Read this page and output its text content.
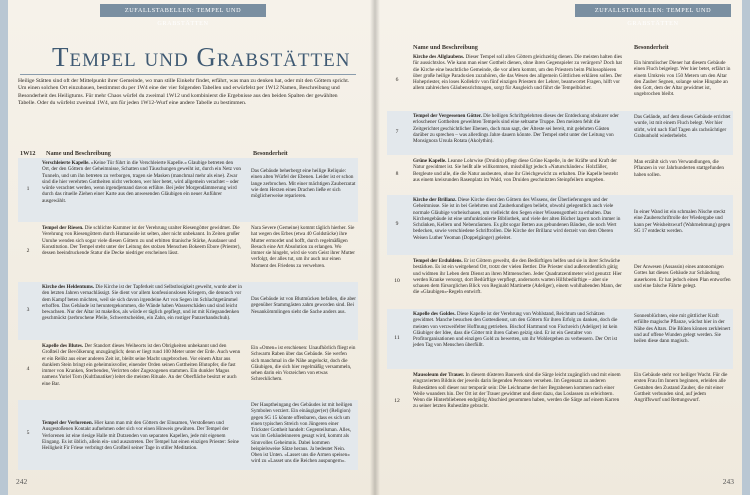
ZUFALLSTABELLEN: TEMPEL UND GRABSTÄTTEN
Tempel und Grabstätten
Heilige Stätten sind oft der Mittelpunkt ihrer Gemeinde, wo man stille Einkehr findet, erfährt, was man zu denken hat, oder mit den Göttern spricht. Um einen solchen Ort einzubauen, bestimmst du per 1W4 eine der vier folgenden Tabellen und erwürfelst per 1W12 Namen, Beschreibung und Besonderheit des Heiligtums. Für mehr Chaos würfel du zweimal 1W12 und kombinierst die Ergebnisse aus den beiden Spalten der gewählten Tabelle. Oder du würfelst zweimal 1W4, um für jeden 1W12-Wurf eine andere Tabelle zu bestimmen.
1W12 Name und Beschreibung	Besonderheit
1
Verschleierte Kapelle. »Keine Tür führt in die Verschleierte Kapelle.« Glaubige betreten den Ort, der den Göttern der Geheimnisse, Schatten und Täuschungen geweiht ist, durch ein Netz von Tunneln, und um ihn betreten zu verborgen, tragen sie Masken (manchmal mehr als eine). Zwar sind die hier verehrten Gottheiten nicht verboten, wer hier betet, wird allgemein verachtet – oder würde verachtet werden, wenn irgendjemand davon erführe. Bei jeder Morgendämmerung wird durch das rituelle Ziehen einer Karte aus den anwesenden Gläubigen ein neuer Anführer ausgewählt.
Das Gebäude beherbergt eine heilige Reliquie: einen alten Würfel der Ebenen. Leider ist er schon lange zerbrochen. Mit einer mächtigen Zauberzutat wie dem Herzen eines Drachen ließe er sich möglicherweise reparieren.
2
Tempel der Riesen. Die schlichte Kammer ist der Verehrung uralter Riesengötter gewidmet. Die Verehrung von Riesengöttern durch Humanoide ist selten, aber nicht unbekannt. In Zeiten großer Unruhe wenden sich sogar viele diesen Göttern zu und erbitten titanische Stärke, Ausdauer und Konstitution. Der Tempel steht unter der Leitung des stolzen Menschen Bokeem Ebore (Priester), dessen beeindruckende Statur die Decke niedriger erscheinen lässt.
Nara Severe (Gemeine) kommt täglich hierher. Sie hat wegen des Erbes (etwa 40 Goldstücke) ihre Mutter ermordet und hofft, durch regelmäßigen Besuch eine Art Absolution zu erlangen. Wo immer sie hingeht, wird sie vom Geist ihrer Mutter verfolgt, der alles tut, um ihr auch nur einen Moment des Friedens zu verwehren.
3
Kirche des Heldentums. Die Kirche ist der Tapferkeit und Selbstlosigkeit geweiht, wurde aber in den letzten Jahren vernachlässigt. Sie dient vor allem konfessionslosen Kriegern, die dennoch vor dem Kampf beten möchten, weil sie sich davon irgendeine Art von Segen im Schlachtgetümmel erhoffen. Das Gebäude ist heruntergekommen, die Wände haben Wasserschäden und sind leicht bewachsen. Nur der Altar ist makellos, als würde er täglich gepflegt, und ist mit Kriegsandenken geschmückt (zerbrochene Pfeile, Schwertscheiden, ein Zahn, ein rostiger Panzerhandschuh).
Das Gebäude ist von Blutmücken befallen, die aber gegenüber Stammgästen zahm geworden sind. Bei Neuankömmlingen sieht die Sache anders aus.
4
Kapelle des Blutes. Der Standort dieses Weiheorts ist den Obrigkeiten unbekannt und den Großteil der Bevölkerung unzugänglich; denn er liegt rund 100 Meter unter der Erde. Auch wenn er ein Relikt aus einer anderen Zeit ist, bleibt seine Macht ungebrochen. Vor einem Altar aus dunklem Stein bringt ein geheimnisvoller, einender Orden seinen Gottheiten Blutopfer, die fast immer von Kranken, Sterbenden, Verirrten oder Zugezogenen stammen. Ein dunkler Magus namens Yuriel Torn (Kultfanatiker) leitet die meisten Rituale. An der Oberfläche besitzt er auch eine Bar.
Ein »Omen« ist erschienen: Unaufhörlich fliegt ein Schwarm Raben über das Gebäude. Sie werfen sich manchmal in die Nähe angelockt, doch die Gläubigen, die sich hier regelmäßig versammeln, sehen darin ein Vorzeichen von etwas Schrecklichem.
5
Tempel der Verlorenen. Hier kann man mit den Göttern der Einsamen, Verstoßenen und Ausgestoßenen Kontakt aufnehmen oder sich vor einen Hinweis gewähren. Der Tempel der Verlorenen ist eine riesige Halle mit Dutzenden von separaten Kapellen, jede mit eigenem Eingang. Es ist üblich, allein ein- und auszutreten. Der Tempel hat einen einzigen Priester: Seine Heiligkeit Fir Friese verbringt den Großteil seiner Tage in stiller Meditation.
Der Hauptheingang des Gebäudes ist mit heiligen Symbolen verziert. Ein einäugiger(er) (Religion) gegen SG 15 könnte offenbaren, dass es sich um einen typischen Streich von Jüngeren einer Trickster Gottheit handelt: Gegenteilsman. Alles, was im Gebäudeinneren gesagt wird, kommt als Sinnvolles Geheimnis. Dabei kommen beispielsweise Sätze heraus. Ja bedeutet Nein. Oben ist Unten. »Lasset uns die Armen speisen« wird zu »Lasset uns die Reichen auspungern«.
242
ZUFALLSTABELLEN: TEMPEL UND GRABSTÄTTEN
Name und Beschreibung	Besonderheit
6
Kirche des Allglaubens. Dieser Tempel soll allen Göttern gleichzeitig dienen. Die meisten halten dies für aussichtslos. Wie kann man einer Gottheit dienen, ohne ihren Gegenspieler zu verärgern? Doch hat die Kirche eine beachtliche Gemeinde, die vor allem kommt, um den Priestern beim Philosophieren über große heilige Paradoxien zuzuhören, die das Wesen des allgemein Göttlichen erklären sollen. Der Hohepriester, ein loses Kollektiv von fünf einzigen Priestern der Lehrer, beantwortet Fragen, hilft vor allem zahlreichen Gläubensrichtungen, sorgt für Ausgleich und führt die Tempelbücher.
Ein himmlischer Diener hat diesem Gebäude einen Fluch beigelegt. Wer hier betet, erfährt in einem Umkreis von 150 Metern um den Altar den Zauber Segnen, solange seine Hingabe an den Gott, dem der Altar gewidmet ist, ungebrochen bleibt.
7
Tempel der Vergessenen Götter. Die heiligen Schriftgelehrten dieses der Entdeckung obskurer oder erloschener Gottheiten geweihten Tempels sind eine seltsame Truppe. Den meisten fehlt die Zeitgerichtet geschichtlicher Ebenen, doch man sagt, der Älteste sei bereit, mit gelehrten Gästen darüber zu sprechen – was allerdings Jahre dauern könnte. Der Tempel steht unter der Leitung von Monsignora Ursula Rotata (Akolythin).
Das Gelände, auf dem dieses Gebäude errichtet wurde, ist mit einem Fluch belegt. Wer hier stirbt, wird nach fünf Tagen als rachsüchtiger Grabunhold wiederbelebt.
8
Grüne Kapelle. Leanne Lohrwise (Druidin) pflegt diese Grüne Kapelle, in der Kräfte und Kraft der Natur gewidmet ist. Sie heißt alle willkommen, missbilligt jedoch »Naturschänder«: Holzfäller, Bergleute und alle, die die Natur ausbeuten, ohne ihr Gleichgewicht zu erhalten. Die Kapelle besteht aus einem kreisrunden Rasenplatz im Wald, von Druiden geschnitzten Steinpfeilern umgeben.
Man erzählt sich von Verwandlungen, die Pflanzen in vor Jahrhunderten stattgefunden haben sollen.
9
Kirche der Brillanz. Diese Kirche dient den Göttern des Wissens, der Überlieferungen und der Geheimnisse. Sie ist in bei Gelehrten und Zauberkundigen beliebt, obwohl gelegentlich auch viele normale Gläubige vorbeischauen, um vielleicht den Segen einer Wissensgottheit zu erhalten. Das Kirchengebäude ist eine umfunktionierte Bibliothek, und viele der alten Bücher lagern noch immer in Schränken, Kellern und Nebenräumen. Es gibt sogar Betten aus gebundenen Bänden, die noch Wert bedecken, sowie verschiedene Schriftrollen. Die Kirche der Brillanz wird derzeit von dem Oberen Weisen Luther Yeoman (Doppelgänger) geleitet.
In einer Wand ist ein schmalen Nische steckt eine Zauberschriftrolle der Wiedergabe und kann per Weisheitswurf (Wahrnehmung) gegen SG 17 entdeckt werden.
10
Tempel der Erduldens. Er ist Göttern geweiht, die den Bedürftigen helfen und sie in ihrer Schwäche bestärken. Es ist ein weitgehend Ort, trotzt der vielen Bettler. Die Priester sind außerordentlich gütig und widmen ihr Leben dem Dienst an ihren Mitmenschen. Jeder Quadratzentimeter wird genutzt: Hier werden Kranke versorgt, dort Bedürftige verpflegt, andernorts warten Hilfsbedürftige – aber sie schauen dem fürsorglichen Blick von Reginald Martinette (Adeliger), einem wohlhabenden Mann, der die »Glaubigen«-Regeln entwirft.
Der Anwesen (Assassin) eines antonomigen Gottes hat dieses Gebäude zur Schändung auserkoren. Er hat jedoch einen Plan entworfen und eine falsche Fährte gelegt.
11
Kapelle des Goldes. Diese Kapelle ist der Verehrung von Wohlstand, Reichtum und Schätzen gewidmet. Manche besuchen den Gottesdienst, um den Göttern für ihren Erfolg zu danken, doch die meisten von verzweifelter Hoffnung getrieben. Bischof Hartmund von Fischreich (Adeliger) ist kein Gläubiger der Idee, dass die Götter mit ihren Gaben geizig sind. Er ist ein Gestalter von Profitorganisationen und einzigen Gold zu bewerten, um ihr Wohlergehen zu verbessern. Der Ort ist jeden Tag von Menschen überfüllt.
Sonnenblüchten, eine mit göttlicher Kraft erfüllte magische Pflanze, wächst hier in der Nähe des Altars. Die Blüten können zerkleinert und auf offene Wunden gelegt werden. Sie heilen diese dann magisch.
12
Mausoleum der Trauer. In diesem düsteren Bauwerk sind die Särge leicht zugänglich und mit einem eingravierten Bildnis der jeweils darin liegenden Personen versehen. Im Gegensatz zu anderen Ruhestätten soll dieser nur temporär sein: Die Leichname der hier Begrabenen kommen nach einer Weile woanders hin. Der Ort ist der Trauer gewidmet und dient dazu, das Loslassen zu erleichtern. Wenn die Hinterbliebenen endgültig Abschied genommen haben, werden die Särge auf einem Karren zu seiner letzten Ruhestätte gebracht.
Ein Gebäude steht vor heiliger Wacht. Für die ersten Frau Im Innern beginnen, erleiden alle Gestalten den Zustand Zauber, die mit einer Gottheit verbunden sind, auf jedem Angriffswurf und Rettungswurf.
243
